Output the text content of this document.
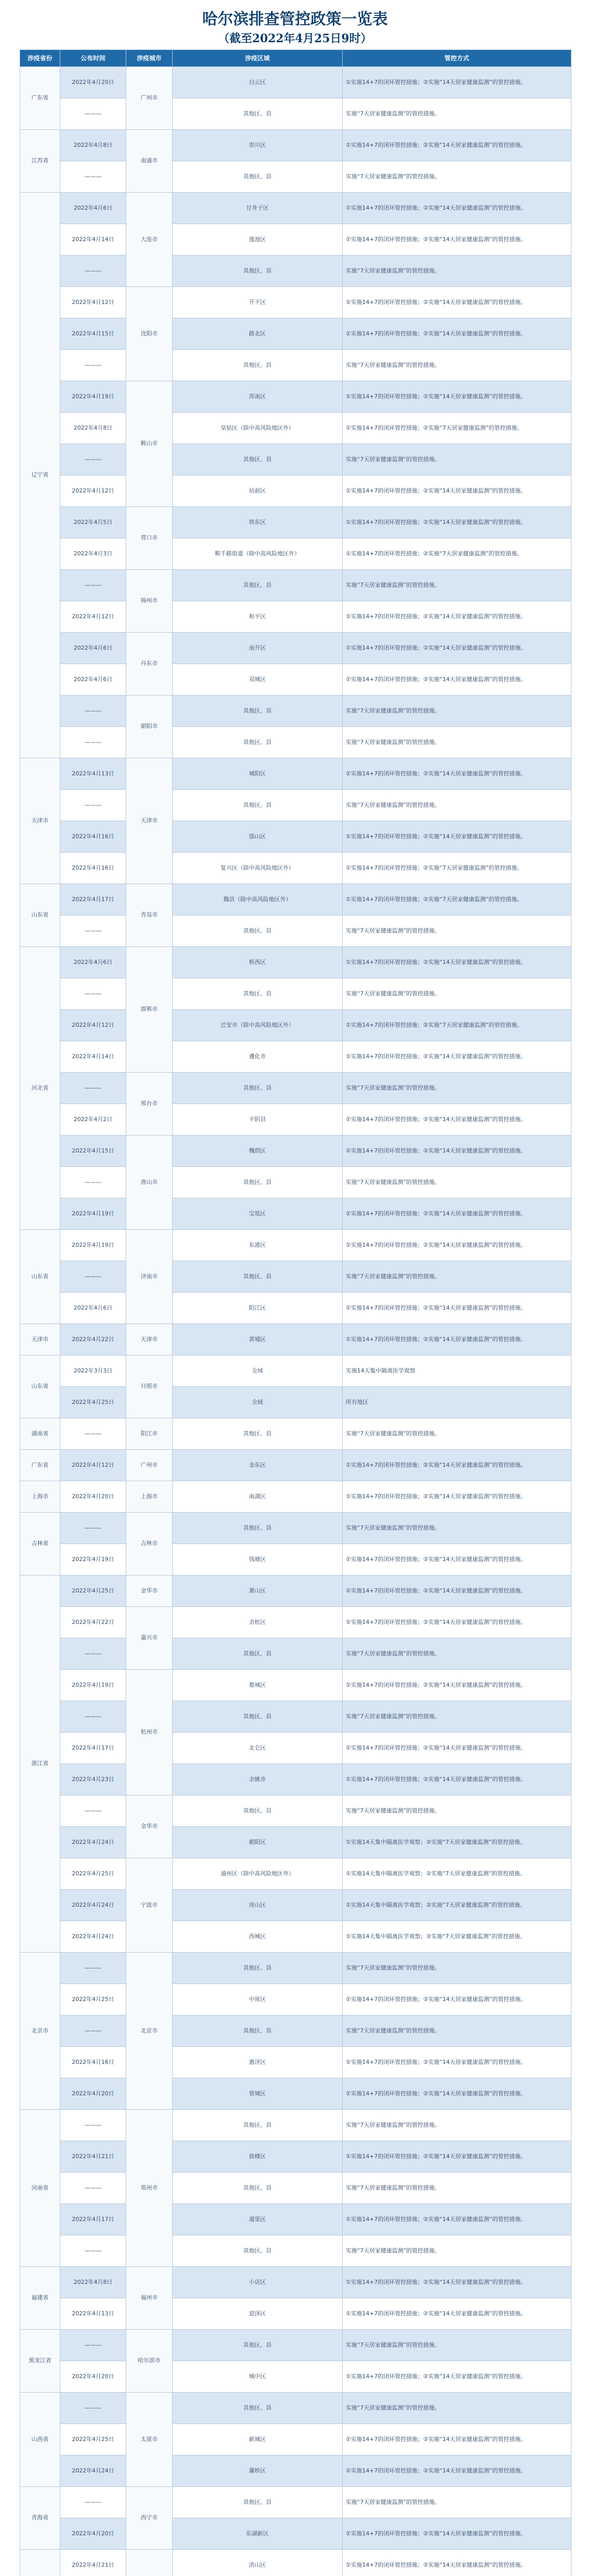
哈尔滨排查管控政策一览表
（截至2022年4月25日9时）
涉疫省份	公布时间	涉疫城市	涉疫区域	管控方式
广东省	2022年4月20日	广州市	白云区	①实施14+7的闭环管控措施；②实施“14天居家健康监测”的管控措施。
	———		其他区、县	实施“7天居家健康监测”的管控措施。
江苏省	2022年4月8日	南通市	崇川区	①实施14+7的闭环管控措施；②实施“14天居家健康监测”的管控措施。
	———		其他区、县	实施“7天居家健康监测”的管控措施。
辽宁省	2022年4月6日	大连市	甘井子区	①实施14+7的闭环管控措施；②实施“14天居家健康监测”的管控措施。
	2022年4月14日		莲池区	①实施14+7的闭环管控措施；②实施“14天居家健康监测”的管控措施。
	———		其他区、县	实施“7天居家健康监测”的管控措施。
	2022年4月12日	沈阳市	开平区	①实施14+7的闭环管控措施；②实施“14天居家健康监测”的管控措施。
	2022年4月15日		路北区	①实施14+7的闭环管控措施；②实施“14天居家健康监测”的管控措施。
	———		其他区、县	实施“7天居家健康监测”的管控措施。
	2022年4月19日	鞍山市	浑南区	①实施14+7的闭环管控措施；②实施“14天居家健康监测”的管控措施。
	2022年4月8日		皇姑区（除中高风险地区外）	①实施14+7的闭环管控措施；②实施“7天居家健康监测”的管控措施。
	———		其他区、县	实施“7天居家健康监测”的管控措施。
	2022年4月12日		站前区	①实施14+7的闭环管控措施；②实施“14天居家健康监测”的管控措施。
	2022年4月5日	营口市	铁东区	①实施14+7的闭环管控措施；②实施“14天居家健康监测”的管控措施。
	2022年4月3日		鞍千路街道（除中高风险地区外）	①实施14+7的闭环管控措施；②实施“7天居家健康监测”的管控措施。
	———	锦州市	其他区、县	实施“7天居家健康监测”的管控措施。
	2022年4月12日		和平区	①实施14+7的闭环管控措施；②实施“14天居家健康监测”的管控措施。
	2022年4月6日	丹东市	南开区	①实施14+7的闭环管控措施；②实施“14天居家健康监测”的管控措施。
	2022年4月6日		双城区	①实施14+7的闭环管控措施；②实施“14天居家健康监测”的管控措施。
	———	朝阳市	其他区、县	实施“7天居家健康监测”的管控措施。
	———		其他区、县	实施“7天居家健康监测”的管控措施。
天津市	2022年4月13日	天津市	城阳区	①实施14+7的闭环管控措施；②实施“14天居家健康监测”的管控措施。
	———		其他区、县	实施“7天居家健康监测”的管控措施。
	2022年4月16日		邯山区	①实施14+7的闭环管控措施；②实施“14天居家健康监测”的管控措施。
	2022年4月16日		复兴区（除中高风险地区外）	①实施14+7的闭环管控措施；②实施“7天居家健康监测”的管控措施。
山东省	2022年4月17日	青岛市	魏县（除中高风险地区外）	①实施14+7的闭环管控措施；②实施“7天居家健康监测”的管控措施。
	———		其他区、县	实施“7天居家健康监测”的管控措施。
河北省	2022年4月6日	邯郸市	桥西区	①实施14+7的闭环管控措施；②实施“14天居家健康监测”的管控措施。
	———		其他区、县	实施“7天居家健康监测”的管控措施。
	2022年4月12日		迁安市（除中高风险地区外）	①实施14+7的闭环管控措施；②实施“7天居家健康监测”的管控措施。
	2022年4月14日		遵化市	①实施14+7的闭环管控措施；②实施“14天居家健康监测”的管控措施。
	———	邢台市	其他区、县	实施“7天居家健康监测”的管控措施。
	2022年4月2日		平阴县	①实施14+7的闭环管控措施；②实施“14天居家健康监测”的管控措施。
	2022年4月15日	唐山市	槐荫区	①实施14+7的闭环管控措施；②实施“14天居家健康监测”的管控措施。
	———		其他区、县	实施“7天居家健康监测”的管控措施。
	2022年4月19日		宝坻区	①实施14+7的闭环管控措施；②实施“14天居家健康监测”的管控措施。
山东省	2022年4月19日	济南市	东港区	①实施14+7的闭环管控措施；②实施“14天居家健康监测”的管控措施。
	———		其他区、县	实施“7天居家健康监测”的管控措施。
	2022年4月6日		阳江区	①实施14+7的闭环管控措施；②实施“14天居家健康监测”的管控措施。
天津市	2022年4月22日	天津市	黄埔区	①实施14+7的闭环管控措施；②实施“14天居家健康监测”的管控措施。
山东省	2022年3月3日	日照市	全域	实施14天集中隔离医学观察
	2022年4月25日		全域	所有地区
湖南省	———	阳江市	其他区、县	实施“7天居家健康监测”的管控措施。
广东省	2022年4月12日	广州市	金东区	①实施14+7的闭环管控措施；②实施“14天居家健康监测”的管控措施。
上海市	2022年4月20日	上海市	南湖区	①实施14+7的闭环管控措施；②实施“14天居家健康监测”的管控措施。
吉林省	———	吉林市	其他区、县	实施“7天居家健康监测”的管控措施。
	2022年4月19日		钱塘区	①实施14+7的闭环管控措施；②实施“14天居家健康监测”的管控措施。
浙江省	2022年4月25日	金华市	萧山区	①实施14+7的闭环管控措施；②实施“14天居家健康监测”的管控措施。
	2022年4月22日	嘉兴市	余杭区	①实施14+7的闭环管控措施；②实施“14天居家健康监测”的管控措施。
	———		其他区、县	实施“7天居家健康监测”的管控措施。
	2022年4月19日	杭州市	婺城区	①实施14+7的闭环管控措施；②实施“14天居家健康监测”的管控措施。
	———		其他区、县	实施“7天居家健康监测”的管控措施。
	2022年4月17日		北仑区	①实施14+7的闭环管控措施；②实施“14天居家健康监测”的管控措施。
	2022年4月23日		余姚市	①实施14+7的闭环管控措施；②实施“14天居家健康监测”的管控措施。
	———	金华市	其他区、县	实施“7天居家健康监测”的管控措施。
	2022年4月24日		朝阳区	①实施14天集中隔离医学观察；②实施“7天居家健康监测”的管控措施。
	2022年4月25日	宁波市	通州区（除中高风险地区外）	①实施14天集中隔离医学观察；②实施“7天居家健康监测”的管控措施。
	2022年4月24日		房山区	①实施14天集中隔离医学观察；②实施“7天居家健康监测”的管控措施。
	2022年4月24日		西城区	①实施14天集中隔离医学观察；②实施“7天居家健康监测”的管控措施。
北京市	———	北京市	其他区、县	实施“7天居家健康监测”的管控措施。
	2022年4月25日		中原区	①实施14+7的闭环管控措施；②实施“14天居家健康监测”的管控措施。
	———		其他区、县	实施“7天居家健康监测”的管控措施。
	2022年4月16日		惠济区	①实施14+7的闭环管控措施；②实施“14天居家健康监测”的管控措施。
	2022年4月20日		管城区	①实施14+7的闭环管控措施；②实施“14天居家健康监测”的管控措施。
河南省	———	郑州市	其他区、县	实施“7天居家健康监测”的管控措施。
	2022年4月21日		鼓楼区	①实施14+7的闭环管控措施；②实施“14天居家健康监测”的管控措施。
	———		其他区、县	实施“7天居家健康监测”的管控措施。
	2022年4月17日		道里区	①实施14+7的闭环管控措施；②实施“14天居家健康监测”的管控措施。
	———		其他区、县	实施“7天居家健康监测”的管控措施。
福建省	2022年4月8日	福州市	小店区	①实施14+7的闭环管控措施；②实施“14天居家健康监测”的管控措施。
	2022年4月13日		迎泽区	①实施14+7的闭环管控措施；②实施“14天居家健康监测”的管控措施。
黑龙江省	———	哈尔滨市	其他区、县	实施“7天居家健康监测”的管控措施。
	2022年4月20日		城中区	①实施14+7的闭环管控措施；②实施“14天居家健康监测”的管控措施。
山西省	———	太原市	其他区、县	实施“7天居家健康监测”的管控措施。
	2022年4月25日		新城区	①实施14+7的闭环管控措施；②实施“14天居家健康监测”的管控措施。
	2022年4月24日		灞桥区	①实施14+7的闭环管控措施；②实施“14天居家健康监测”的管控措施。
青海省	———	西宁市	其他区、县	实施“7天居家健康监测”的管控措施。
	2022年4月20日		东湖新区	①实施14+7的闭环管控措施；②实施“14天居家健康监测”的管控措施。
	2022年4月21日		洪山区	①实施14+7的闭环管控措施；②实施“14天居家健康监测”的管控措施。
